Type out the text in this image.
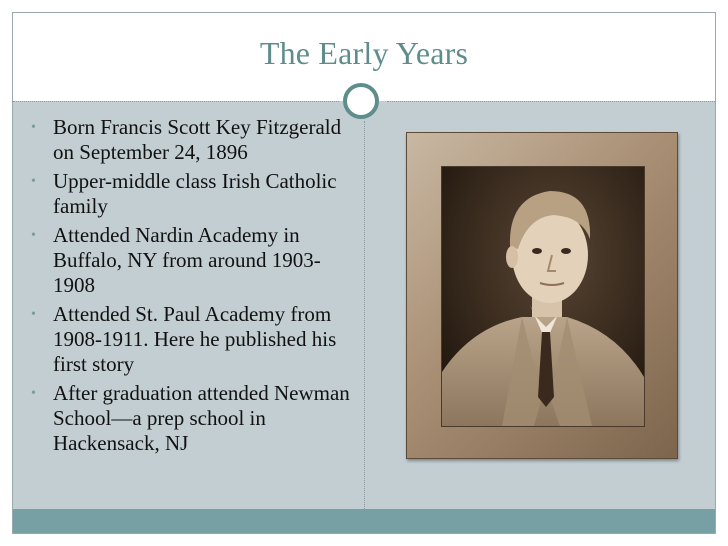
The Early Years
• Born Francis Scott Key Fitzgerald on September 24, 1896
• Upper-middle class Irish Catholic family
• Attended Nardin Academy in Buffalo, NY from around 1903-1908
• Attended St. Paul Academy from 1908-1911. Here he published his first story
• After graduation attended Newman School—a prep school in Hackensack, NJ
